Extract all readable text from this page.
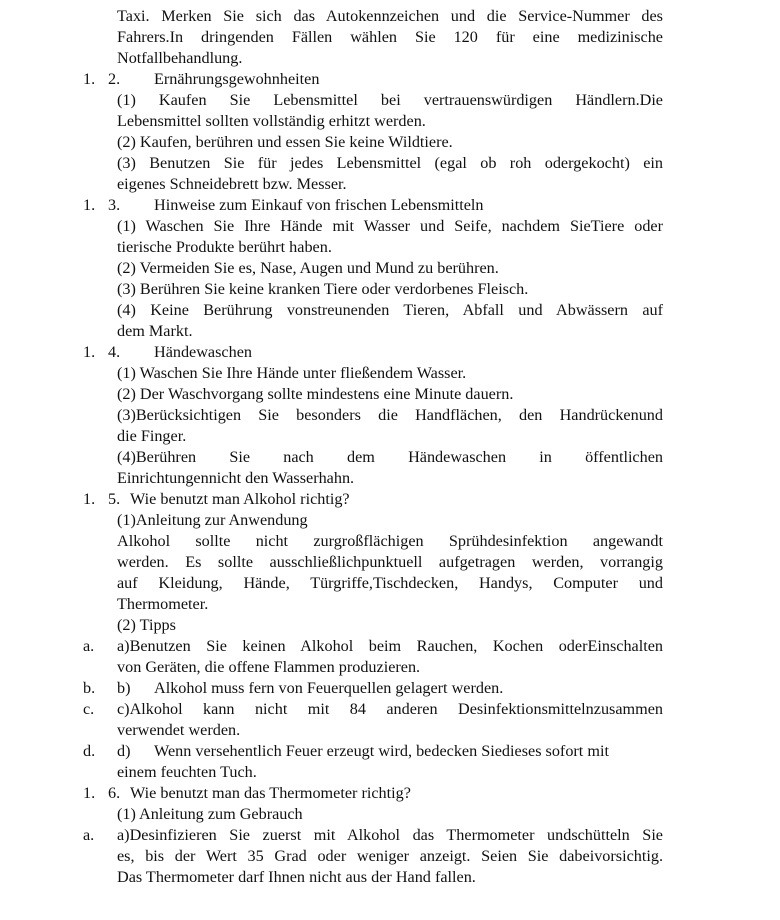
Taxi. Merken Sie sich das Autokennzeichen und die Service-Nummer des
Fahrers.In dringenden Fällen wählen Sie 120 für eine medizinische
Notfallbehandlung.
1. 2. Ernährungsgewohnheiten
(1) Kaufen Sie Lebensmittel bei vertrauenswürdigen Händlern.Die
Lebensmittel sollten vollständig erhitzt werden.
(2) Kaufen, berühren und essen Sie keine Wildtiere.
(3) Benutzen Sie für jedes Lebensmittel (egal ob roh odergekocht) ein
eigenes Schneidebrett bzw. Messer.
1. 3. Hinweise zum Einkauf von frischen Lebensmitteln
(1) Waschen Sie Ihre Hände mit Wasser und Seife, nachdem SieTiere oder
tierische Produkte berührt haben.
(2) Vermeiden Sie es, Nase, Augen und Mund zu berühren.
(3) Berühren Sie keine kranken Tiere oder verdorbenes Fleisch.
(4) Keine Berührung vonstreunenden Tieren, Abfall und Abwässern auf
dem Markt.
1. 4. Händewaschen
(1) Waschen Sie Ihre Hände unter fließendem Wasser.
(2) Der Waschvorgang sollte mindestens eine Minute dauern.
(3)Berücksichtigen Sie besonders die Handflächen, den Handrückenund
die Finger.
(4)Berühren Sie nach dem Händewaschen in öffentlichen
Einrichtungennicht den Wasserhahn.
1. 5. Wie benutzt man Alkohol richtig?
(1)Anleitung zur Anwendung
Alkohol sollte nicht zurgroßflächigen Sprühdesinfektion angewandt
werden. Es sollte ausschließlichpunktuell aufgetragen werden, vorrangig
auf Kleidung, Hände, Türgriffe,Tischdecken, Handys, Computer und
Thermometer.
(2) Tipps
a.	a)Benutzen Sie keinen Alkohol beim Rauchen, Kochen oderEinschalten
von Geräten, die offene Flammen produzieren.
b.	b) Alkohol muss fern von Feuerquellen gelagert werden.
c.	c)Alkohol kann nicht mit 84 anderen Desinfektionsmittelnzusammen
verwendet werden.
d.	d) Wenn versehentlich Feuer erzeugt wird, bedecken Siedieses sofort mit
einem feuchten Tuch.
1. 6. Wie benutzt man das Thermometer richtig?
(1) Anleitung zum Gebrauch
a.	a)Desinfizieren Sie zuerst mit Alkohol das Thermometer undschütteln Sie
es, bis der Wert 35 Grad oder weniger anzeigt. Seien Sie dabeivorsichtig.
Das Thermometer darf Ihnen nicht aus der Hand fallen.
